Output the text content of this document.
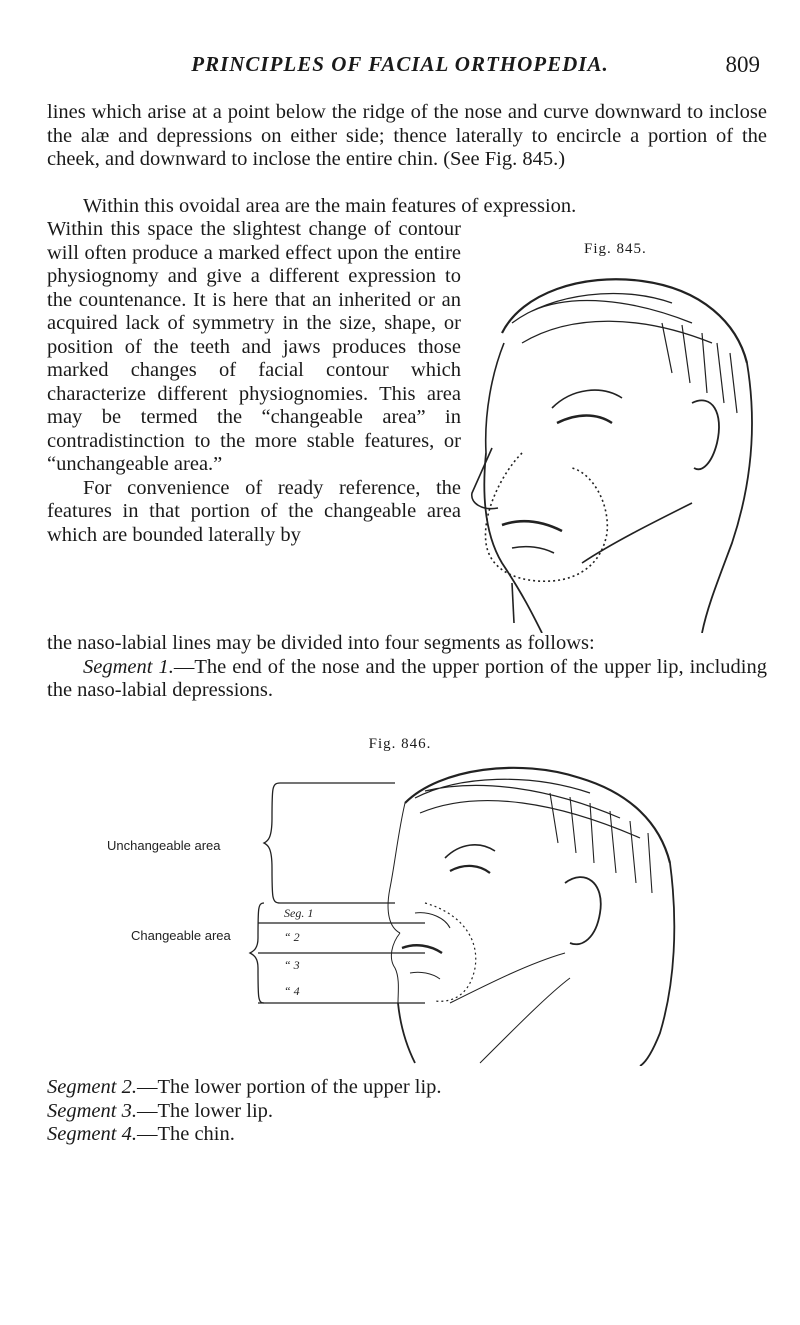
PRINCIPLES OF FACIAL ORTHOPEDIA.	809

lines which arise at a point below the ridge of the nose and curve downward to inclose the alæ and depressions on either side; thence laterally to encircle a portion of the cheek, and downward to inclose the entire chin. (See Fig. 845.)

Within this ovoidal area are the main features of expression.

Within this space the slightest change of contour will often produce a marked effect upon the entire physiognomy and give a different expression to the countenance. It is here that an inherited or an acquired lack of symmetry in the size, shape, or position of the teeth and jaws produces those marked changes of facial contour which characterize different physiognomies. This area may be termed the “changeable area” in contradistinction to the more stable features, or “unchangeable area.”

For convenience of ready reference, the features in that portion of the changeable area which are bounded laterally by

Fig. 845.

the naso-labial lines may be divided into four segments as follows:
Segment 1.—The end of the nose and the upper portion of the upper lip, including the naso-labial depressions.

Fig. 846.
Unchangeable area
Changeable area
Seg. 1
“ 2
“ 3
“ 4

Segment 2.—The lower portion of the upper lip.

Segment 3.—The lower lip.

Segment 4.—The chin.
